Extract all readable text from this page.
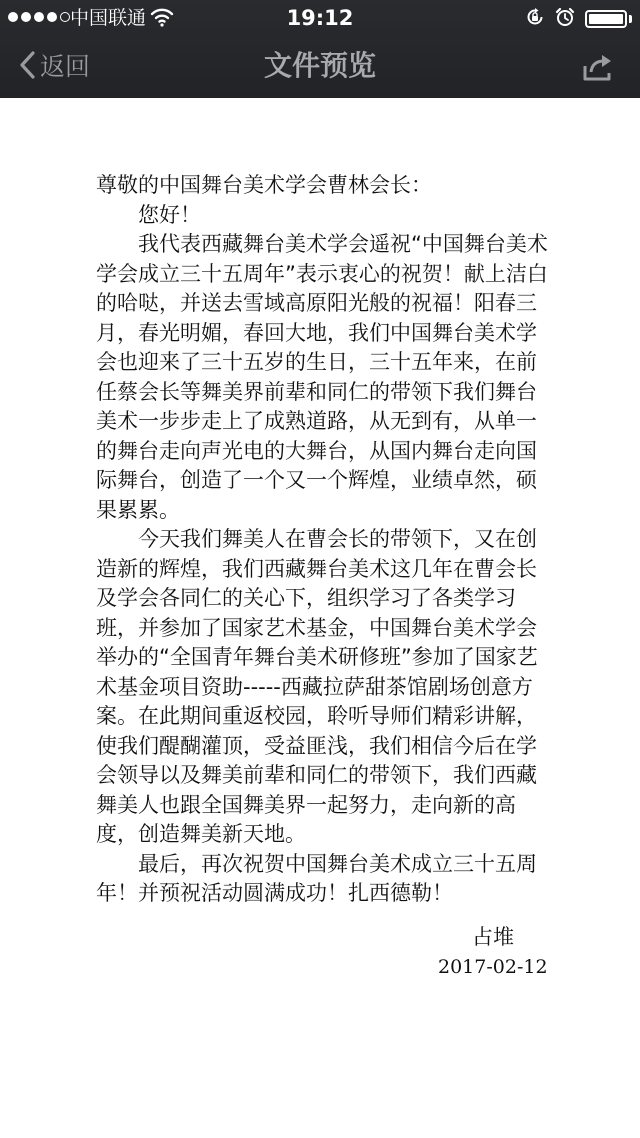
中国联通	19:12
返回	文件预览

尊敬的中国舞台美术学会曹林会长：

您好！

我代表西藏舞台美术学会遥祝“中国舞台美术学会成立三十五周年”表示衷心的祝贺！献上洁白的哈哒，并送去雪域高原阳光般的祝福！阳春三月，春光明媚，春回大地，我们中国舞台美术学会也迎来了三十五岁的生日，三十五年来，在前任蔡会长等舞美界前辈和同仁的带领下我们舞台美术一步步走上了成熟道路，从无到有，从单一的舞台走向声光电的大舞台，从国内舞台走向国际舞台，创造了一个又一个辉煌，业绩卓然，硕果累累。

今天我们舞美人在曹会长的带领下，又在创造新的辉煌，我们西藏舞台美术这几年在曹会长及学会各同仁的关心下，组织学习了各类学习班，并参加了国家艺术基金，中国舞台美术学会举办的“全国青年舞台美术研修班”参加了国家艺术基金项目资助-----西藏拉萨甜茶馆剧场创意方案。在此期间重返校园，聆听导师们精彩讲解，使我们醍醐灌顶，受益匪浅，我们相信今后在学会领导以及舞美前辈和同仁的带领下，我们西藏舞美人也跟全国舞美界一起努力，走向新的高度，创造舞美新天地。

最后，再次祝贺中国舞台美术成立三十五周年！并预祝活动圆满成功！扎西德勒！

占堆
2017-02-12
